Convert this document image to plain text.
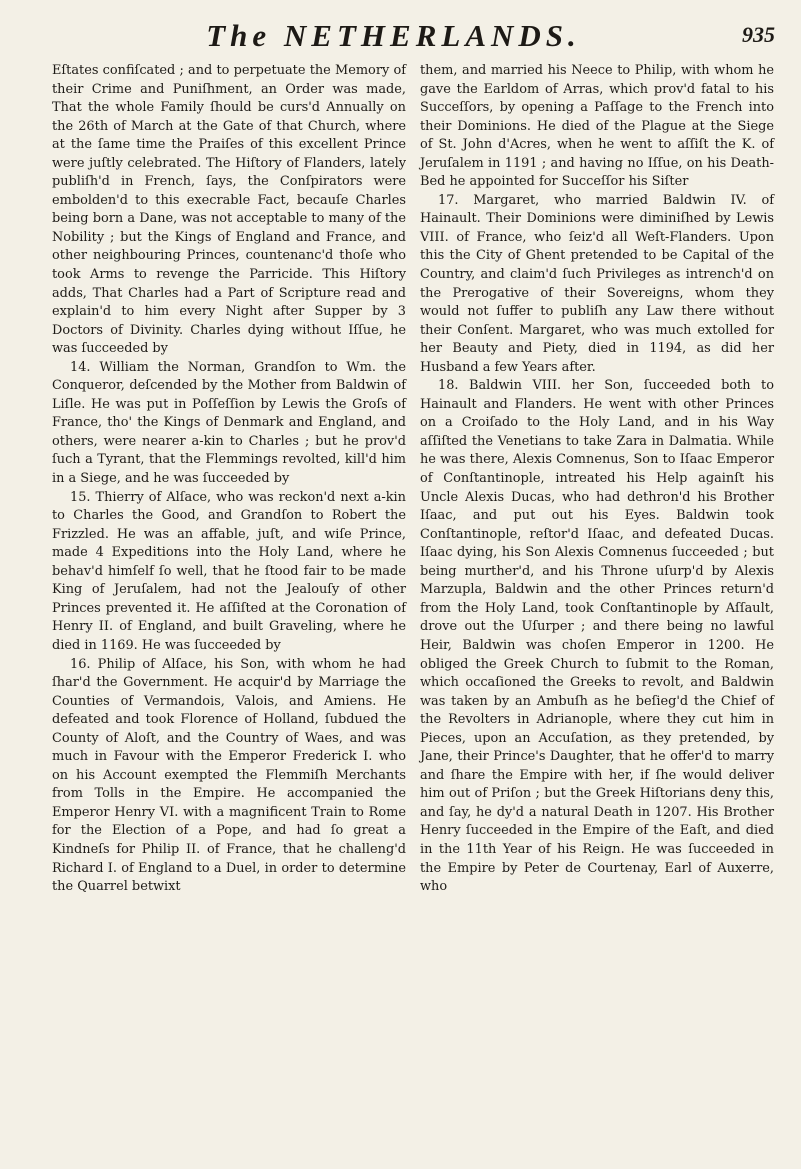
The NETHERLANDS.	935

Eſtates confiſcated ; and to perpetuate the Memory of their Crime and Puniſhment, an Order was made, That the whole Family ſhould be curs'd Annually on the 26th of March at the Gate of that Church, where at the ſame time the Praiſes of this excellent Prince were juſtly celebrated. The Hiſtory of Flanders, lately publiſh'd in French, ſays, the Conſpirators were embolden'd to this execrable Fact, becauſe Charles being born a Dane, was not acceptable to many of the Nobility ; but the Kings of England and France, and other neighbouring Princes, countenanc'd thoſe who took Arms to revenge the Parricide. This Hiſtory adds, That Charles had a Part of Scripture read and explain'd to him every Night after Supper by 3 Doctors of Divinity. Charles dying without Iſſue, he was ſucceeded by

14. William the Norman, Grandſon to Wm. the Conqueror, deſcended by the Mother from Baldwin of Liſle. He was put in Poſſeſſion by Lewis the Groſs of France, tho' the Kings of Denmark and England, and others, were nearer a-kin to Charles ; but he prov'd ſuch a Tyrant, that the Flemmings revolted, kill'd him in a Siege, and he was ſucceeded by

15. Thierry of Alſace, who was reckon'd next a-kin to Charles the Good, and Grandſon to Robert the Frizzled. He was an affable, juſt, and wiſe Prince, made 4 Expeditions into the Holy Land, where he behav'd himſelf ſo well, that he ſtood fair to be made King of Jeruſalem, had not the Jealouſy of other Princes prevented it. He aſſiſted at the Coronation of Henry II. of England, and built Graveling, where he died in 1169. He was ſucceeded by

16. Philip of Alſace, his Son, with whom he had ſhar'd the Government. He acquir'd by Marriage the Counties of Vermandois, Valois, and Amiens. He defeated and took Florence of Holland, ſubdued the County of Aloſt, and the Country of Waes, and was much in Favour with the Emperor Frederick I. who on his Account exempted the Flemmiſh Merchants from Tolls in the Empire. He accompanied the Emperor Henry VI. with a magnificent Train to Rome for the Election of a Pope, and had ſo great a Kindneſs for Philip II. of France, that he challeng'd Richard I. of England to a Duel, in order to determine the Quarrel betwixt

them, and married his Neece to Philip, with whom he gave the Earldom of Arras, which prov'd fatal to his Succeſſors, by opening a Paſſage to the French into their Dominions. He died of the Plague at the Siege of St. John d'Acres, when he went to aſſiſt the K. of Jeruſalem in 1191 ; and having no Iſſue, on his Death-Bed he appointed for Succeſſor his Siſter

17. Margaret, who married Baldwin IV. of Hainault. Their Dominions were diminiſhed by Lewis VIII. of France, who ſeiz'd all Weſt-Flanders. Upon this the City of Ghent pretended to be Capital of the Country, and claim'd ſuch Privileges as intrench'd on the Prerogative of their Sovereigns, whom they would not ſuffer to publiſh any Law there without their Conſent. Margaret, who was much extolled for her Beauty and Piety, died in 1194, as did her Husband a few Years after.

18. Baldwin VIII. her Son, ſucceeded both to Hainault and Flanders. He went with other Princes on a Croiſado to the Holy Land, and in his Way aſſiſted the Venetians to take Zara in Dalmatia. While he was there, Alexis Comnenus, Son to Iſaac Emperor of Conſtantinople, intreated his Help againſt his Uncle Alexis Ducas, who had dethron'd his Brother Iſaac, and put out his Eyes. Baldwin took Conſtantinople, reſtor'd Iſaac, and defeated Ducas. Iſaac dying, his Son Alexis Comnenus ſucceeded ; but being murther'd, and his Throne uſurp'd by Alexis Marzupla, Baldwin and the other Princes return'd from the Holy Land, took Conſtantinople by Aſſault, drove out the Uſurper ; and there being no lawful Heir, Baldwin was choſen Emperor in 1200. He obliged the Greek Church to ſubmit to the Roman, which occaſioned the Greeks to revolt, and Baldwin was taken by an Ambuſh as he beſieg'd the Chief of the Revolters in Adrianople, where they cut him in Pieces, upon an Accuſation, as they pretended, by Jane, their Prince's Daughter, that he offer'd to marry and ſhare the Empire with her, if ſhe would deliver him out of Priſon ; but the Greek Hiſtorians deny this, and ſay, he dy'd a natural Death in 1207. His Brother Henry ſucceeded in the Empire of the Eaſt, and died in the 11th Year of his Reign. He was ſucceeded in the Empire by Peter de Courtenay, Earl of Auxerre, who
